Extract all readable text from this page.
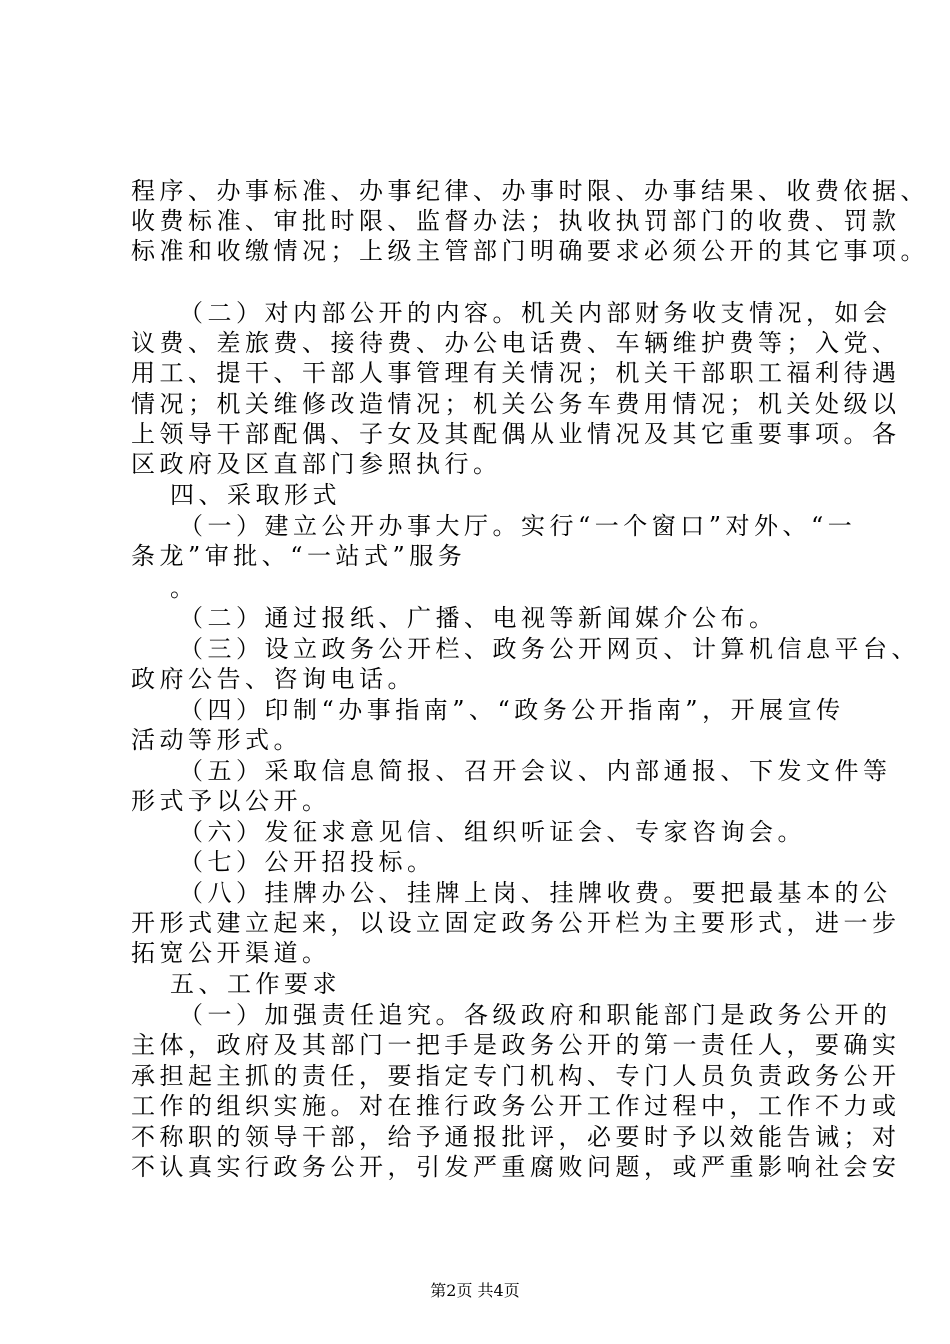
程序、办事标准、办事纪律、办事时限、办事结果、收费依据、
收费标准、审批时限、监督办法；执收执罚部门的收费、罚款
标准和收缴情况；上级主管部门明确要求必须公开的其它事项。
（二）对内部公开的内容。机关内部财务收支情况，如会
议费、差旅费、接待费、办公电话费、车辆维护费等；入党、
用工、提干、干部人事管理有关情况；机关干部职工福利待遇
情况；机关维修改造情况；机关公务车费用情况；机关处级以
上领导干部配偶、子女及其配偶从业情况及其它重要事项。各
区政府及区直部门参照执行。
四、采取形式
（一）建立公开办事大厅。实行“一个窗口”对外、“一
条龙”审批、“一站式”服务
。
（二）通过报纸、广播、电视等新闻媒介公布。
（三）设立政务公开栏、政务公开网页、计算机信息平台、
政府公告、咨询电话。
（四）印制“办事指南”、“政务公开指南”，开展宣传
活动等形式。
（五）采取信息简报、召开会议、内部通报、下发文件等
形式予以公开。
（六）发征求意见信、组织听证会、专家咨询会。
（七）公开招投标。
（八）挂牌办公、挂牌上岗、挂牌收费。要把最基本的公
开形式建立起来，以设立固定政务公开栏为主要形式，进一步
拓宽公开渠道。
五、工作要求
（一）加强责任追究。各级政府和职能部门是政务公开的
主体，政府及其部门一把手是政务公开的第一责任人，要确实
承担起主抓的责任，要指定专门机构、专门人员负责政务公开
工作的组织实施。对在推行政务公开工作过程中，工作不力或
不称职的领导干部，给予通报批评，必要时予以效能告诫；对
不认真实行政务公开，引发严重腐败问题，或严重影响社会安
第2页 共4页
